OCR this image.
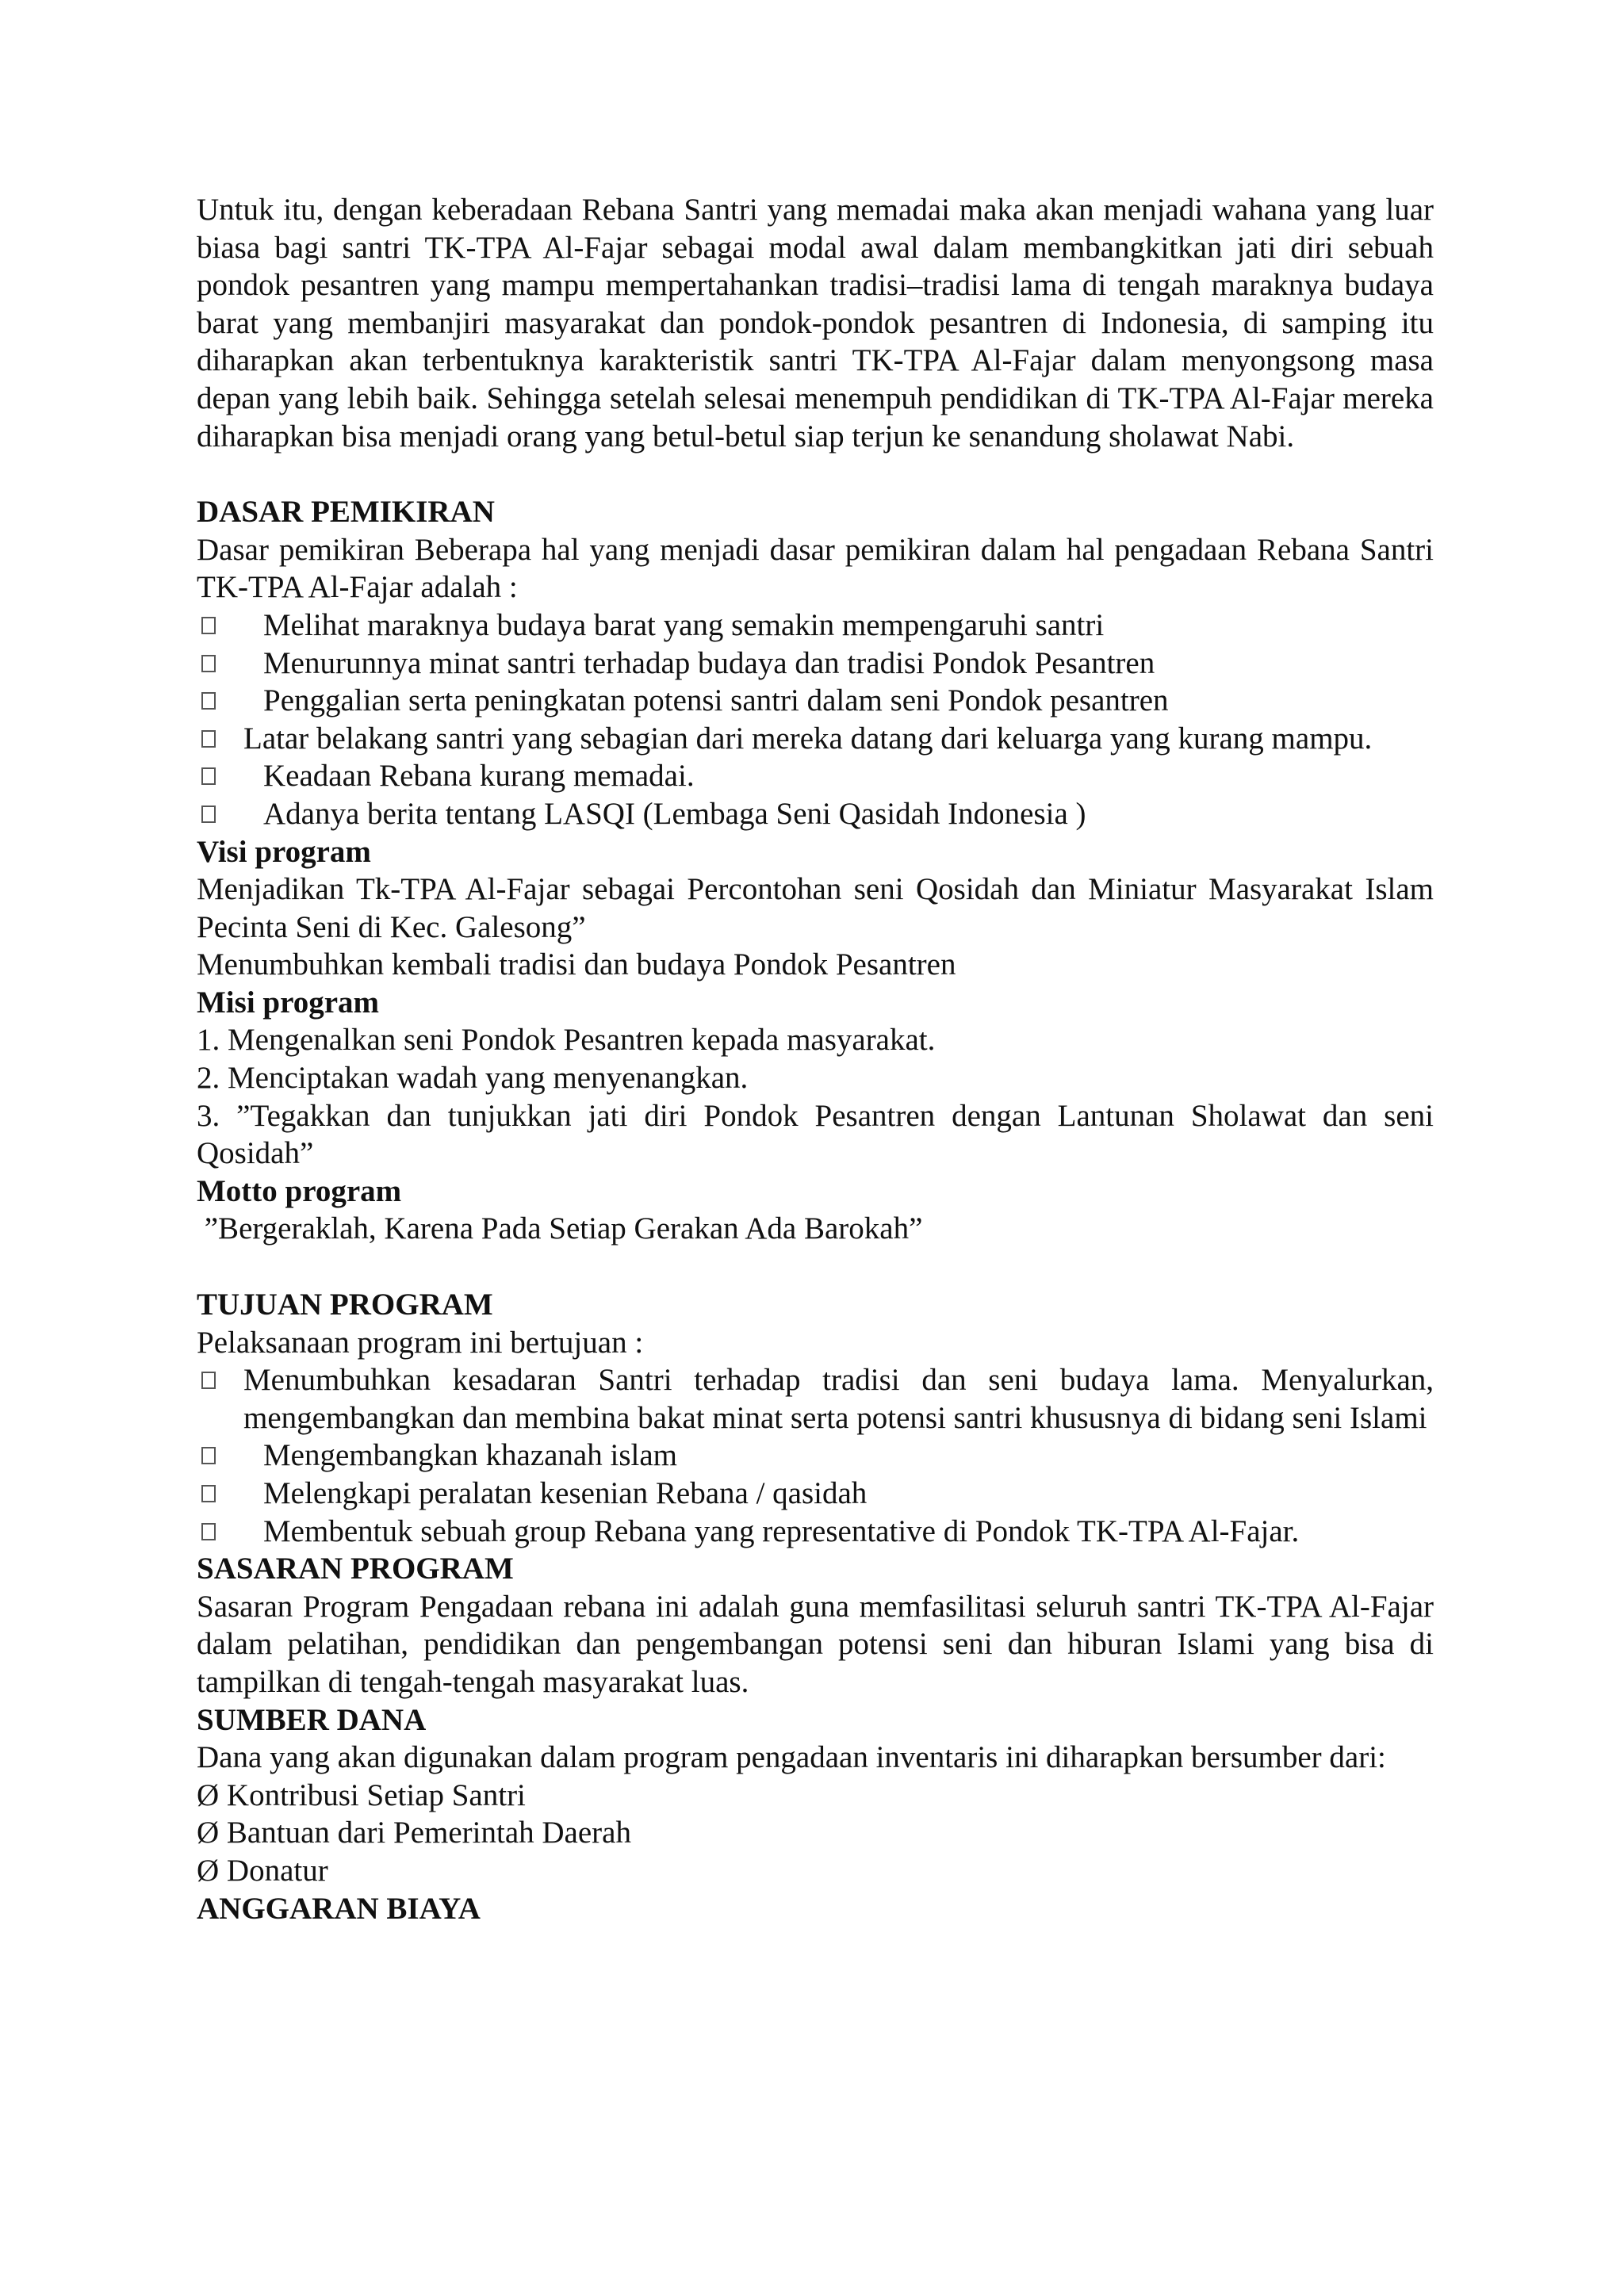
Untuk itu, dengan keberadaan Rebana Santri yang memadai maka akan menjadi wahana yang luar biasa bagi santri TK-TPA Al-Fajar sebagai modal awal dalam membangkitkan jati diri sebuah pondok pesantren yang mampu mempertahankan tradisi–tradisi lama di tengah maraknya budaya barat yang membanjiri masyarakat dan pondok-pondok pesantren di Indonesia, di samping itu diharapkan akan terbentuknya karakteristik santri TK-TPA Al-Fajar dalam menyongsong masa depan yang lebih baik. Sehingga setelah selesai menempuh pendidikan di TK-TPA Al-Fajar mereka diharapkan bisa menjadi orang yang betul-betul siap terjun ke senandung sholawat Nabi.

DASAR PEMIKIRAN

Dasar pemikiran Beberapa hal yang menjadi dasar pemikiran dalam hal pengadaan Rebana Santri TK-TPA Al-Fajar adalah :

Melihat maraknya budaya barat yang semakin mempengaruhi santri
Menurunnya minat santri terhadap budaya dan tradisi Pondok Pesantren
Penggalian serta peningkatan potensi santri dalam seni Pondok pesantren
Latar belakang santri yang sebagian dari mereka datang dari keluarga yang kurang mampu.
Keadaan Rebana kurang memadai.
Adanya berita tentang LASQI (Lembaga Seni Qasidah Indonesia )
Visi program

Menjadikan Tk-TPA Al-Fajar sebagai Percontohan seni Qosidah dan Miniatur Masyarakat Islam Pecinta Seni di Kec. Galesong”

Menumbuhkan kembali tradisi dan budaya Pondok Pesantren

Misi program

1. Mengenalkan seni Pondok Pesantren kepada masyarakat.

2. Menciptakan wadah yang menyenangkan.

3. ”Tegakkan dan tunjukkan jati diri Pondok Pesantren dengan Lantunan Sholawat dan seni Qosidah”

Motto program

”Bergeraklah, Karena Pada Setiap Gerakan Ada Barokah”

TUJUAN PROGRAM

Pelaksanaan program ini bertujuan :

Menumbuhkan kesadaran Santri terhadap tradisi dan seni budaya lama. Menyalurkan, mengembangkan dan membina bakat minat serta potensi santri khususnya di bidang seni Islami
Mengembangkan khazanah islam
Melengkapi peralatan kesenian Rebana / qasidah
Membentuk sebuah group Rebana yang representative di Pondok TK-TPA Al-Fajar.
SASARAN PROGRAM

Sasaran Program Pengadaan rebana ini adalah guna memfasilitasi seluruh santri TK-TPA Al-Fajar dalam pelatihan, pendidikan dan pengembangan potensi seni dan hiburan Islami yang bisa di tampilkan di tengah-tengah masyarakat luas.

SUMBER DANA

Dana yang akan digunakan dalam program pengadaan inventaris ini diharapkan bersumber dari:

Ø Kontribusi Setiap Santri

Ø Bantuan dari Pemerintah Daerah

Ø Donatur

ANGGARAN BIAYA
